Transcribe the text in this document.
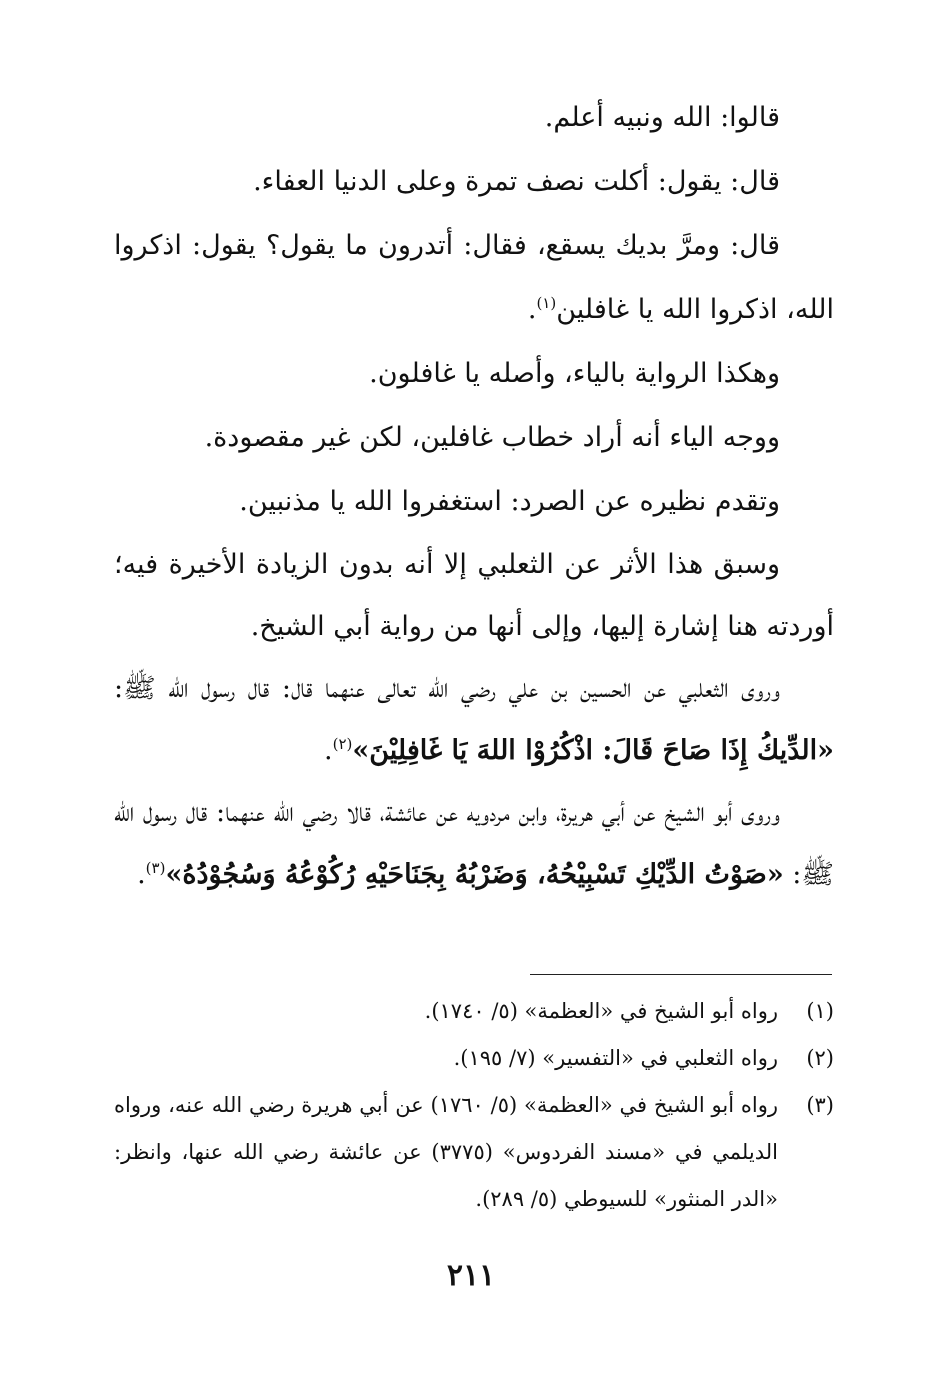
قالوا: الله ونبيه أعلم.

قال: يقول: أكلت نصف تمرة وعلى الدنيا العفاء.

قال: ومرَّ بديك يسقع، فقال: أتدرون ما يقول؟ يقول: اذكروا الله، اذكروا الله يا غافلين$^{(١)}$.

وهكذا الرواية بالياء، وأصله يا غافلون.

ووجه الياء أنه أراد خطاب غافلين، لكن غير مقصودة.

وتقدم نظيره عن الصرد: استغفروا الله يا مذنبين.

وسبق هذا الأثر عن الثعلبي إلا أنه بدون الزيادة الأخيرة فيه؛ أوردته هنا إشارة إليها، وإلى أنها من رواية أبي الشيخ.

وروى الثعلبي عن الحسين بن علي رضي الله تعالى عنهما قال: قال رسول الله ﷺ: «الدِّيكُ إِذَا صَاحَ قَالَ: اذْكُرُوْا اللهَ يَا غَافِلِيْنَ»$^{(٢)}$.

وروى أبو الشيخ عن أبي هريرة، وابن مردويه عن عائشة، قالا رضي الله عنهما: قال رسول الله ﷺ: «صَوْتُ الدِّيْكِ تَسْبِيْحُهُ، وَضَرْبُهُ بِجَنَاحَيْهِ رُكُوْعُهُ وَسُجُوْدُهُ»$^{(٣)}$.

(١)
رواه أبو الشيخ في «العظمة» (٥/ ١٧٤٠).
(٢)
رواه الثعلبي في «التفسير» (٧/ ١٩٥).
(٣)
رواه أبو الشيخ في «العظمة» (٥/ ١٧٦٠) عن أبي هريرة رضي الله عنه، ورواه الديلمي في «مسند الفردوس» (٣٧٧٥) عن عائشة رضي الله عنها، وانظر: «الدر المنثور» للسيوطي (٥/ ٢٨٩).
٢١١
